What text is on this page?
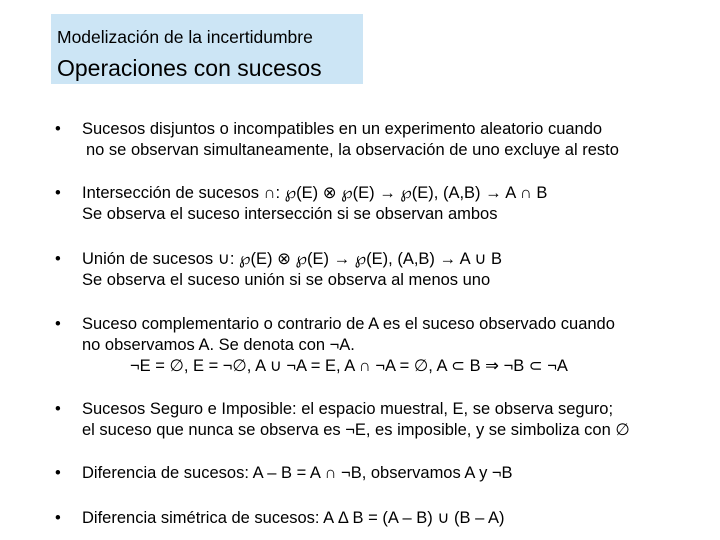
Modelización de la incertidumbre
Operaciones con sucesos
• Sucesos disjuntos o incompatibles en un experimento aleatorio cuando
no se observan simultaneamente, la observación de uno excluye al resto
• Intersección de sucesos ∩: ℘(E) ⊗ ℘(E) → ℘(E), (A,B) → A ∩ B
Se observa el suceso intersección si se observan ambos
• Unión de sucesos ∪: ℘(E) ⊗ ℘(E) → ℘(E), (A,B) → A ∪ B
Se observa el suceso unión si se observa al menos uno
• Suceso complementario o contrario de A es el suceso observado cuando
no observamos A. Se denota con ¬A.
¬E = ∅, E = ¬∅, A ∪ ¬A = E, A ∩ ¬A = ∅, A ⊂ B ⇒ ¬B ⊂ ¬A
• Sucesos Seguro e Imposible: el espacio muestral, E, se observa seguro;
el suceso que nunca se observa es ¬E, es imposible, y se simboliza con ∅
• Diferencia de sucesos: A – B = A ∩ ¬B, observamos A y ¬B
• Diferencia simétrica de sucesos: A Δ B = (A – B) ∪ (B – A)
